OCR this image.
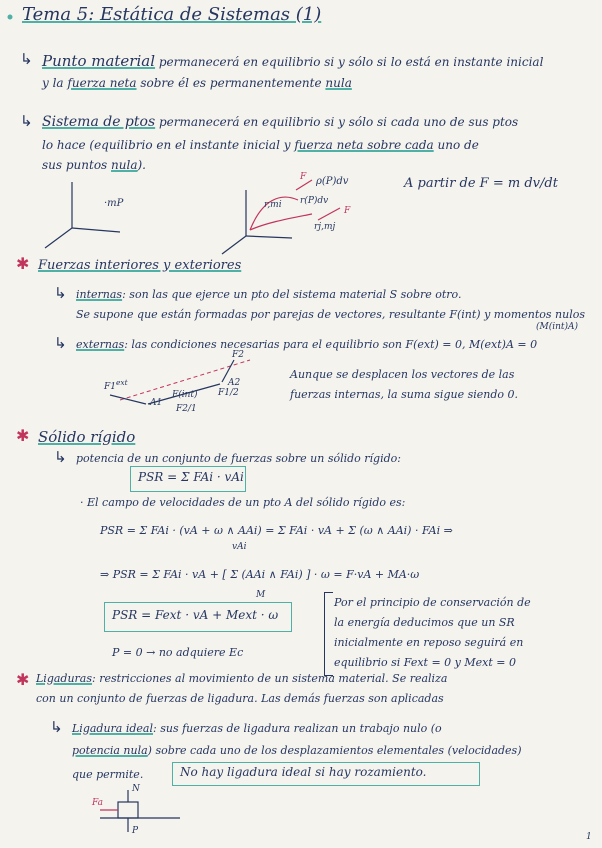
Tema 5: Estática de Sistemas (1)
↳ Punto material permanecerá en equilibrio si y sólo si lo está en instante inicial
y la fuerza neta sobre él es permanentemente nula
↳ Sistema de ptos permanecerá en equilibrio si y sólo si cada uno de sus ptos
lo hace (equilibrio en el instante inicial y fuerza neta sobre cada uno de
sus puntos nula).
·mP
F ρ(P)dv
r,mi r(P)dv
rj,mj
F
A partir de F = m dv/dt
✱ Fuerzas interiores y exteriores
↳ internas: son las que ejerce un pto del sistema material S sobre otro.
Se supone que están formadas por parejas de vectores, resultante F(int) y momentos nulos
(M(int)A)
↳ externas: las condiciones necesarias para el equilibrio son F(ext) = 0, M(ext)A = 0
$F1^{ext}$
F2
A1
A2
F2/1
F1/2
F(int)
Aunque se desplacen los vectores de las
fuerzas internas, la suma sigue siendo 0.
✱ Sólido rígido
↳ potencia de un conjunto de fuerzas sobre un sólido rígido:
PSR = Σ FAi · vAi
· El campo de velocidades de un pto A del sólido rígido es:
PSR = Σ FAi · (vA + ω ∧ AAi) = Σ FAi · vA + Σ (ω ∧ AAi) · FAi ⇒
vAi
⇒ PSR = Σ FAi · vA + [ Σ (AAi ∧ FAi) ] · ω = F·vA + MA·ω
M
PSR = Fext · vA + Mext · ω
P = 0 → no adquiere Ec
Por el principio de conservación de
la energía deducimos que un SR
inicialmente en reposo seguirá en
equilibrio si Fext = 0 y Mext = 0
✱ Ligaduras: restricciones al movimiento de un sistema material. Se realiza
con un conjunto de fuerzas de ligadura. Las demás fuerzas son aplicadas
↳ Ligadura ideal: sus fuerzas de ligadura realizan un trabajo nulo (o
potencia nula) sobre cada uno de los desplazamientos elementales (velocidades)
que permite.	No hay ligadura ideal si hay rozamiento.
N
Fa
P
1
